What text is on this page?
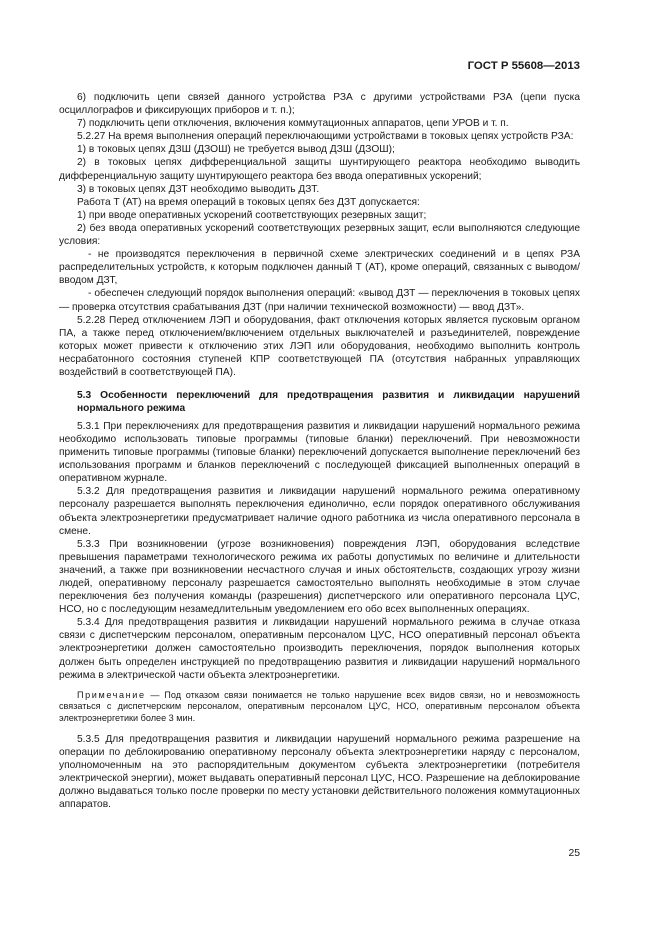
ГОСТ Р 55608—2013

6) подключить цепи связей данного устройства РЗА с другими устройствами РЗА (цепи пуска осциллографов и фиксирующих приборов и т. п.);

7) подключить цепи отключения, включения коммутационных аппаратов, цепи УРОВ и т. п.

5.2.27 На время выполнения операций переключающими устройствами в токовых цепях устройств РЗА:

1) в токовых цепях ДЗШ (ДЗОШ) не требуется вывод ДЗШ (ДЗОШ);

2) в токовых цепях дифференциальной защиты шунтирующего реактора необходимо выводить дифференциальную защиту шунтирующего реактора без ввода оперативных ускорений;

3) в токовых цепях ДЗТ необходимо выводить ДЗТ.

Работа Т (АТ) на время операций в токовых цепях без ДЗТ допускается:

1) при вводе оперативных ускорений соответствующих резервных защит;

2) без ввода оперативных ускорений соответствующих резервных защит, если выполняются следующие условия:

- не производятся переключения в первичной схеме электрических соединений и в цепях РЗА распределительных устройств, к которым подключен данный Т (АТ), кроме операций, связанных с выводом/вводом ДЗТ,

- обеспечен следующий порядок выполнения операций: «вывод ДЗТ — переключения в токовых цепях — проверка отсутствия срабатывания ДЗТ (при наличии технической возможности) — ввод ДЗТ».

5.2.28 Перед отключением ЛЭП и оборудования, факт отключения которых является пусковым органом ПА, а также перед отключением/включением отдельных выключателей и разъединителей, повреждение которых может привести к отключению этих ЛЭП или оборудования, необходимо выполнить контроль несрабатонного состояния ступеней КПР соответствующей ПА (отсутствия набранных управляющих воздействий в соответствующей ПА).

5.3 Особенности переключений для предотвращения развития и ликвидации нарушений нормального режима

5.3.1 При переключениях для предотвращения развития и ликвидации нарушений нормального режима необходимо использовать типовые программы (типовые бланки) переключений. При невозможности применить типовые программы (типовые бланки) переключений допускается выполнение переключений без использования программ и бланков переключений с последующей фиксацией выполненных операций в оперативном журнале.

5.3.2 Для предотвращения развития и ликвидации нарушений нормального режима оперативному персоналу разрешается выполнять переключения единолично, если порядок оперативного обслуживания объекта электроэнергетики предусматривает наличие одного работника из числа оперативного персонала в смене.

5.3.3 При возникновении (угрозе возникновения) повреждения ЛЭП, оборудования вследствие превышения параметрами технологического режима их работы допустимых по величине и длительности значений, а также при возникновении несчастного случая и иных обстоятельств, создающих угрозу жизни людей, оперативному персоналу разрешается самостоятельно выполнять необходимые в этом случае переключения без получения команды (разрешения) диспетчерского или оперативного персонала ЦУС, НСО, но с последующим незамедлительным уведомлением его обо всех выполненных операциях.

5.3.4 Для предотвращения развития и ликвидации нарушений нормального режима в случае отказа связи с диспетчерским персоналом, оперативным персоналом ЦУС, НСО оперативный персонал объекта электроэнергетики должен самостоятельно производить переключения, порядок выполнения которых должен быть определен инструкцией по предотвращению развития и ликвидации нарушений нормального режима в электрической части объекта электроэнергетики.

Примечание — Под отказом связи понимается не только нарушение всех видов связи, но и невозможность связаться с диспетчерским персоналом, оперативным персоналом ЦУС, НСО, оперативным персоналом объекта электроэнергетики более 3 мин.

5.3.5 Для предотвращения развития и ликвидации нарушений нормального режима разрешение на операции по деблокированию оперативному персоналу объекта электроэнергетики наряду с персоналом, уполномоченным на это распорядительным документом субъекта электроэнергетики (потребителя электрической энергии), может выдавать оперативный персонал ЦУС, НСО. Разрешение на деблокирование должно выдаваться только после проверки по месту установки действительного положения коммутационных аппаратов.

25
